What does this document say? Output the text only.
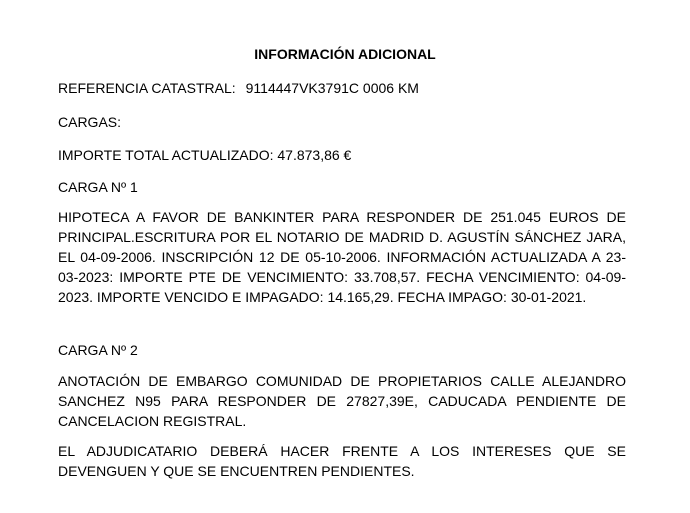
INFORMACIÓN ADICIONAL
REFERENCIA CATASTRAL: 9114447VK3791C 0006 KM
CARGAS:
IMPORTE TOTAL ACTUALIZADO: 47.873,86 €
CARGA Nº 1
HIPOTECA A FAVOR DE BANKINTER PARA RESPONDER DE 251.045 EUROS DE PRINCIPAL.ESCRITURA POR EL NOTARIO DE MADRID D. AGUSTÍN SÁNCHEZ JARA, EL 04-09-2006. INSCRIPCIÓN 12 DE 05-10-2006. INFORMACIÓN ACTUALIZADA A 23-03-2023: IMPORTE PTE DE VENCIMIENTO: 33.708,57. FECHA VENCIMIENTO: 04-09-2023. IMPORTE VENCIDO E IMPAGADO: 14.165,29. FECHA IMPAGO: 30-01-2021.
CARGA Nº 2
ANOTACIÓN DE EMBARGO COMUNIDAD DE PROPIETARIOS CALLE ALEJANDRO SANCHEZ N95 PARA RESPONDER DE 27827,39E, CADUCADA PENDIENTE DE CANCELACION REGISTRAL.
EL ADJUDICATARIO DEBERÁ HACER FRENTE A LOS INTERESES QUE SE DEVENGUEN Y QUE SE ENCUENTREN PENDIENTES.
